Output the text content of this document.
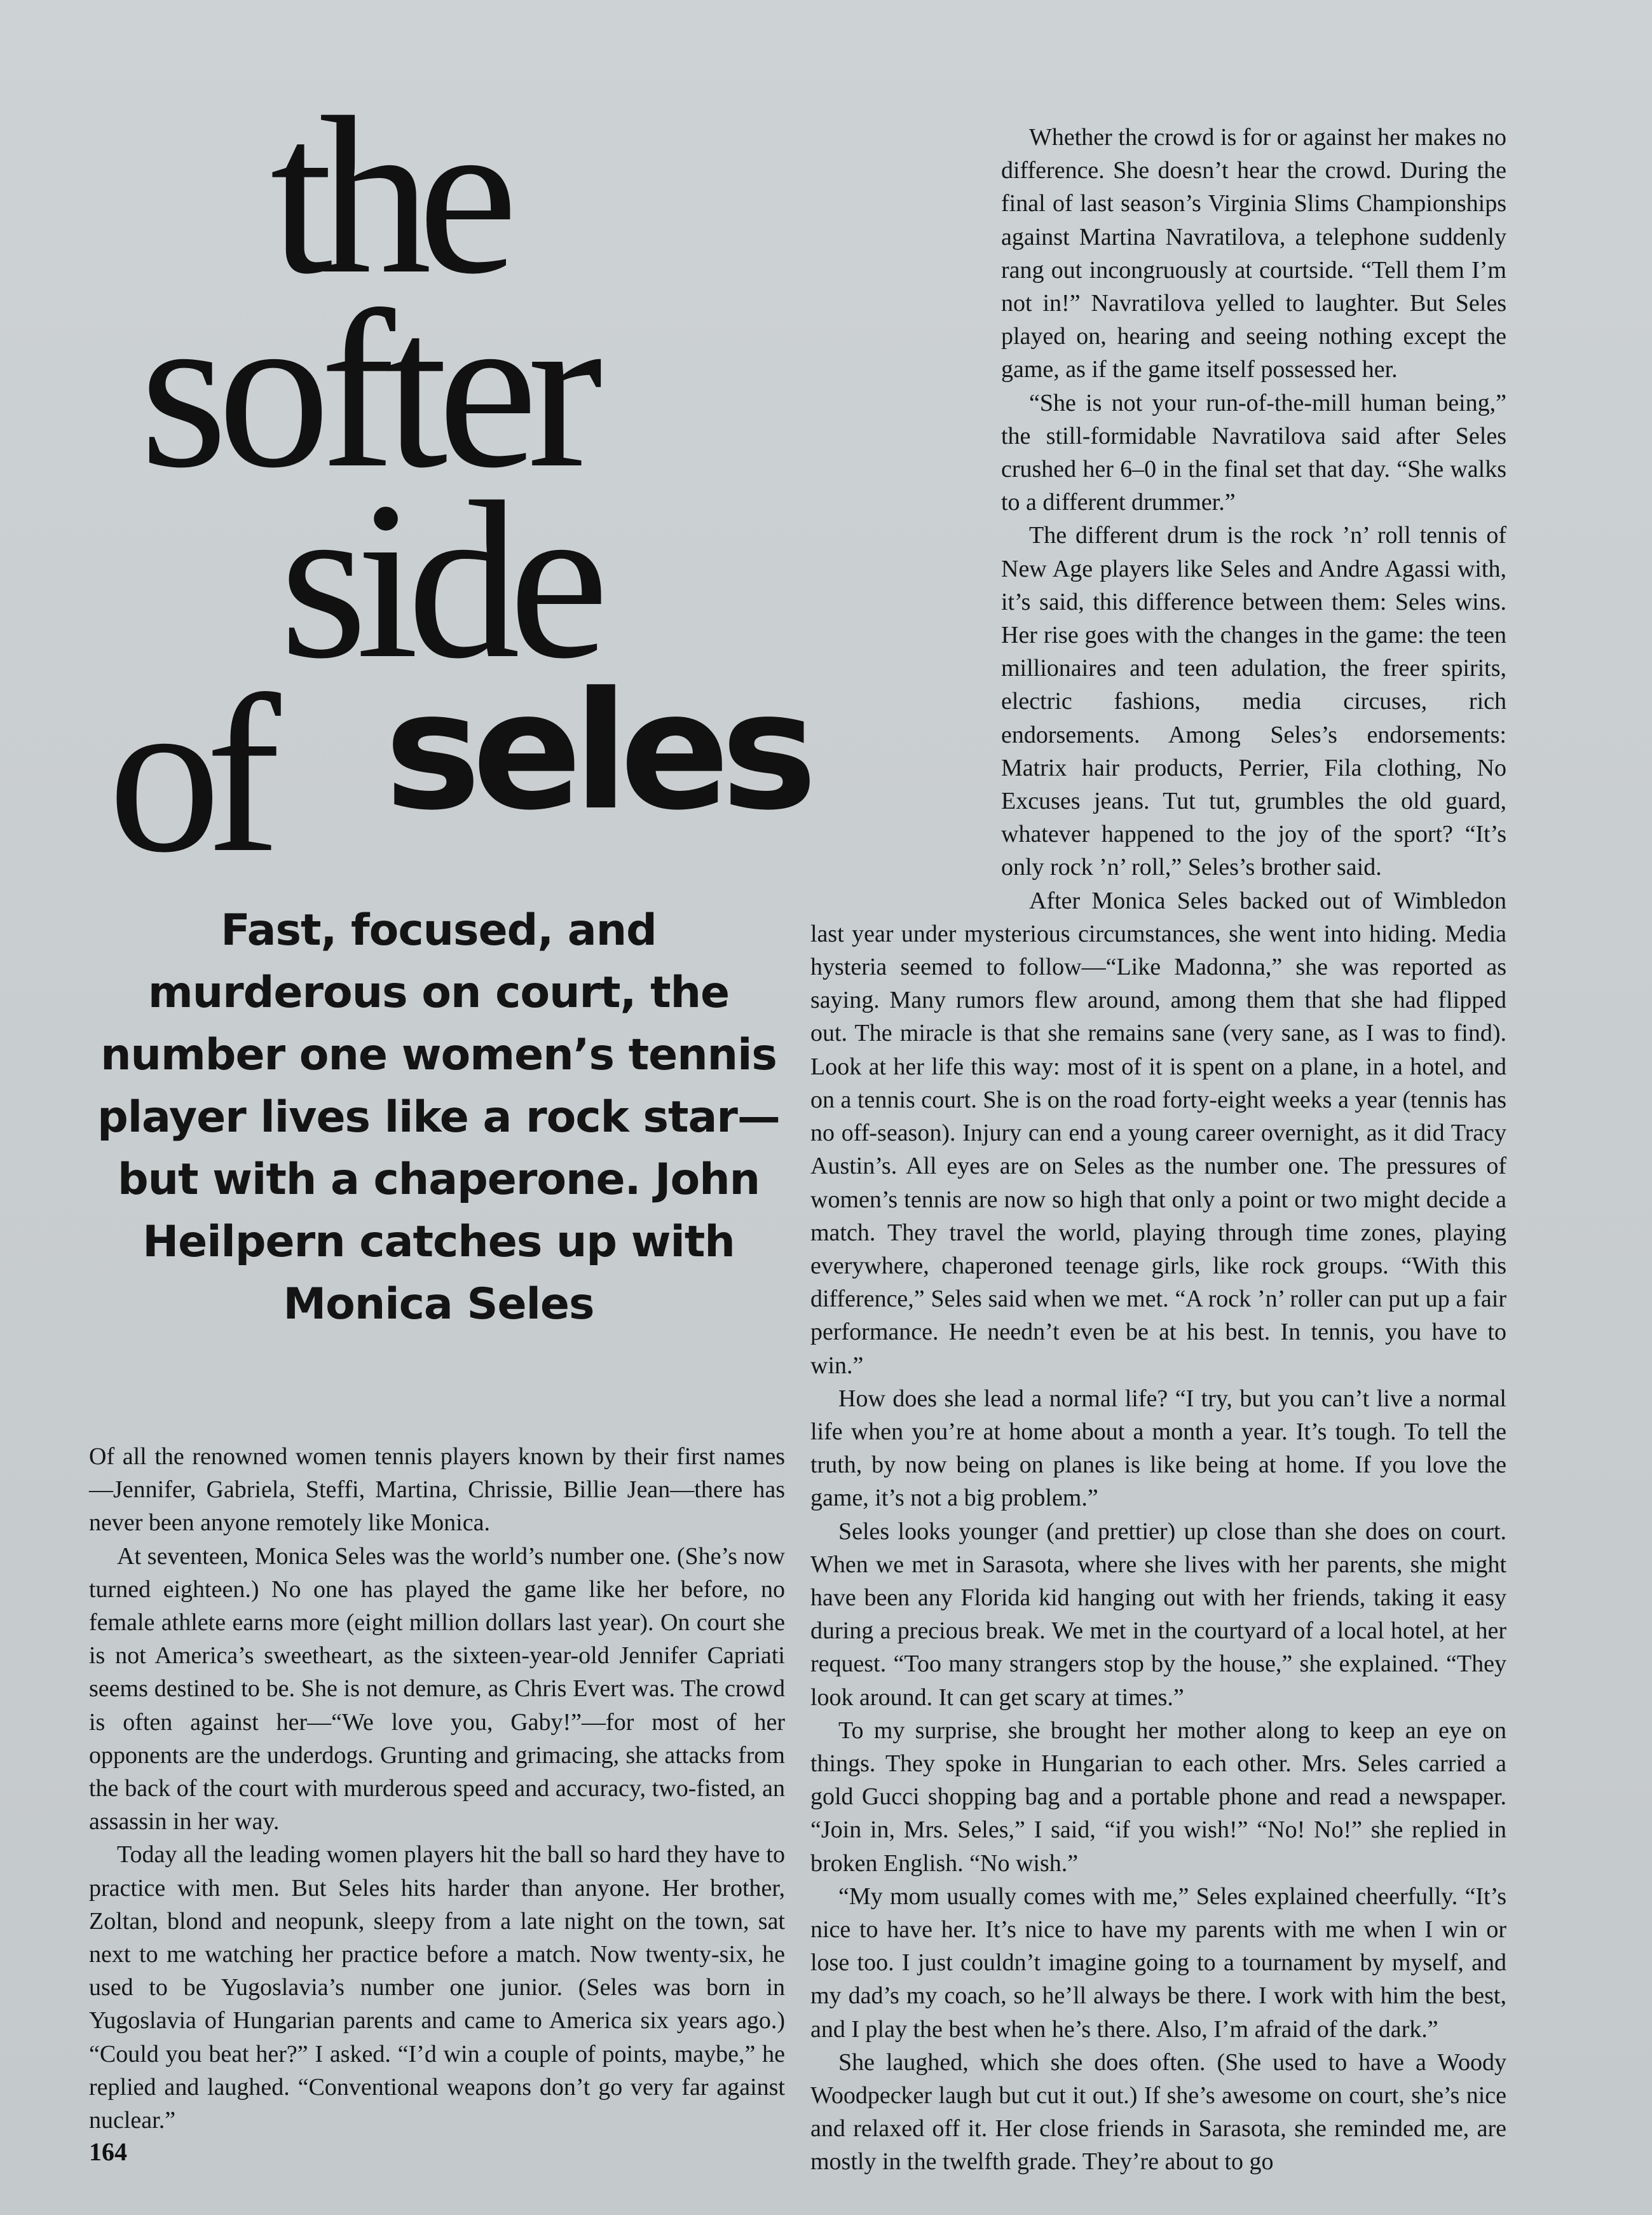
the
softer
side
of seles

Fast, focused, and murderous on court, the number one women’s tennis player lives like a rock star—but with a chaperone. John Heilpern catches up with Monica Seles

Of all the renowned women tennis players known by their first names—Jennifer, Gabriela, Steffi, Martina, Chrissie, Billie Jean—there has never been anyone remotely like Monica.

At seventeen, Monica Seles was the world’s number one. (She’s now turned eighteen.) No one has played the game like her before, no female athlete earns more (eight million dollars last year). On court she is not America’s sweetheart, as the sixteen-year-old Jennifer Capriati seems destined to be. She is not demure, as Chris Evert was. The crowd is often against her—“We love you, Gaby!”—for most of her opponents are the underdogs. Grunting and grimacing, she attacks from the back of the court with murderous speed and accuracy, two-fisted, an assassin in her way.

Today all the leading women players hit the ball so hard they have to practice with men. But Seles hits harder than anyone. Her brother, Zoltan, blond and neopunk, sleepy from a late night on the town, sat next to me watching her practice before a match. Now twenty-six, he used to be Yugoslavia’s number one junior. (Seles was born in Yugoslavia of Hungarian parents and came to America six years ago.) “Could you beat her?” I asked. “I’d win a couple of points, maybe,” he replied and laughed. “Conventional weapons don’t go very far against nuclear.”

Whether the crowd is for or against her makes no difference. She doesn’t hear the crowd. During the final of last season’s Virginia Slims Championships against Martina Navratilova, a telephone suddenly rang out incongruously at courtside. “Tell them I’m not in!” Navratilova yelled to laughter. But Seles played on, hearing and seeing nothing except the game, as if the game itself possessed her.

“She is not your run-of-the-mill human being,” the still-formidable Navratilova said after Seles crushed her 6–0 in the final set that day. “She walks to a different drummer.”

The different drum is the rock ’n’ roll tennis of New Age players like Seles and Andre Agassi with, it’s said, this difference between them: Seles wins. Her rise goes with the changes in the game: the teen millionaires and teen adulation, the freer spirits, electric fashions, media circuses, rich endorsements. Among Seles’s endorsements: Matrix hair products, Perrier, Fila clothing, No Excuses jeans. Tut tut, grumbles the old guard, whatever happened to the joy of the sport? “It’s only rock ’n’ roll,” Seles’s brother said.

After Monica Seles backed out of Wimbledon last year under mysterious circumstances, she went into hiding. Media hysteria seemed to follow—“Like Madonna,” she was reported as saying. Many rumors flew around, among them that she had flipped out. The miracle is that she remains sane (very sane, as I was to find). Look at her life this way: most of it is spent on a plane, in a hotel, and on a tennis court. She is on the road forty-eight weeks a year (tennis has no off-season). Injury can end a young career overnight, as it did Tracy Austin’s. All eyes are on Seles as the number one. The pressures of women’s tennis are now so high that only a point or two might decide a match. They travel the world, playing through time zones, playing everywhere, chaperoned teenage girls, like rock groups. “With this difference,” Seles said when we met. “A rock ’n’ roller can put up a fair performance. He needn’t even be at his best. In tennis, you have to win.”

How does she lead a normal life? “I try, but you can’t live a normal life when you’re at home about a month a year. It’s tough. To tell the truth, by now being on planes is like being at home. If you love the game, it’s not a big problem.”

Seles looks younger (and prettier) up close than she does on court. When we met in Sarasota, where she lives with her parents, she might have been any Florida kid hanging out with her friends, taking it easy during a precious break. We met in the courtyard of a local hotel, at her request. “Too many strangers stop by the house,” she explained. “They look around. It can get scary at times.”

To my surprise, she brought her mother along to keep an eye on things. They spoke in Hungarian to each other. Mrs. Seles carried a gold Gucci shopping bag and a portable phone and read a newspaper. “Join in, Mrs. Seles,” I said, “if you wish!” “No! No!” she replied in broken English. “No wish.”

“My mom usually comes with me,” Seles explained cheerfully. “It’s nice to have her. It’s nice to have my parents with me when I win or lose too. I just couldn’t imagine going to a tournament by myself, and my dad’s my coach, so he’ll always be there. I work with him the best, and I play the best when he’s there. Also, I’m afraid of the dark.”

She laughed, which she does often. (She used to have a Woody Woodpecker laugh but cut it out.) If she’s awesome on court, she’s nice and relaxed off it. Her close friends in Sarasota, she reminded me, are mostly in the twelfth grade. They’re about to go

164
